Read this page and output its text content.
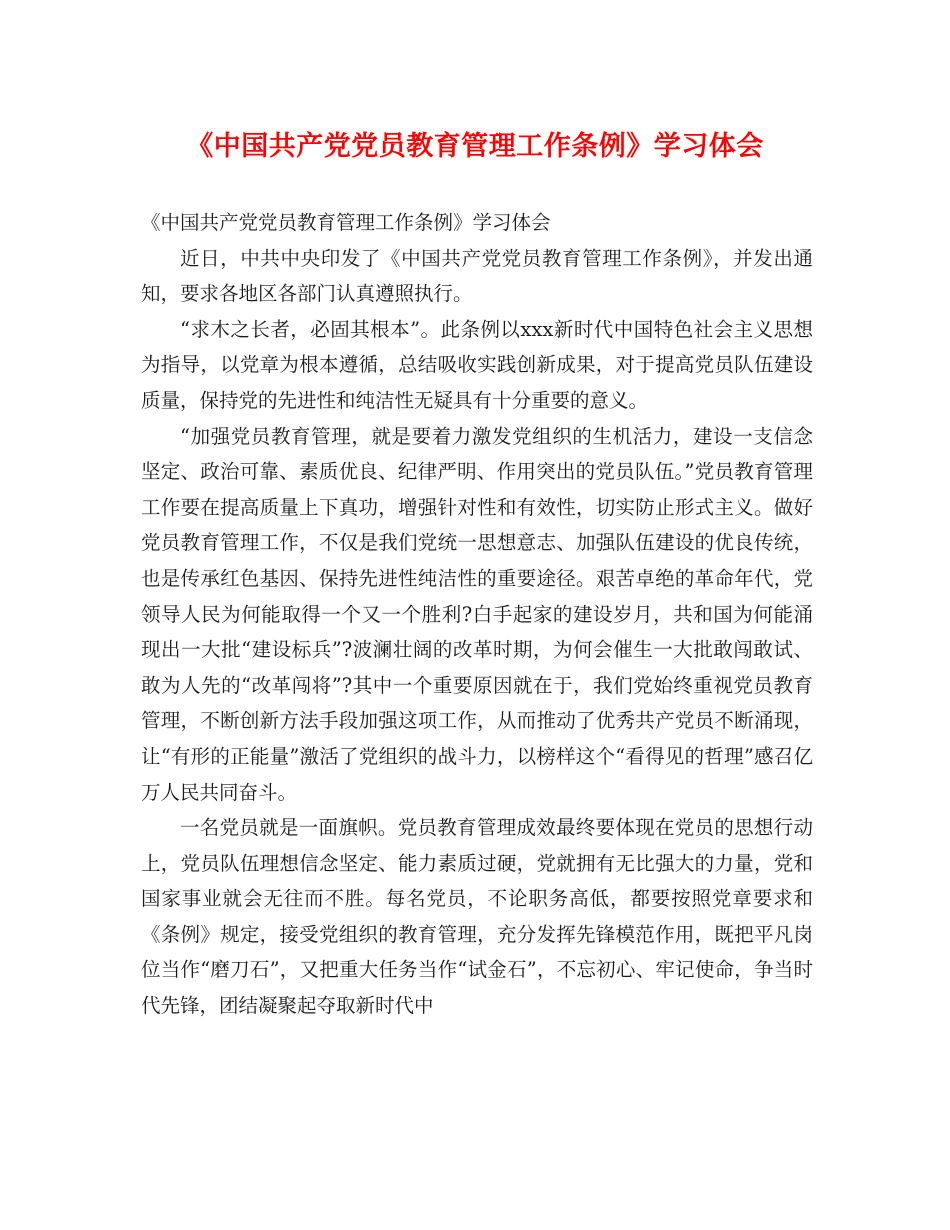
《中国共产党党员教育管理工作条例》学习体会

《中国共产党党员教育管理工作条例》学习体会

近日，中共中央印发了《中国共产党党员教育管理工作条例》，并发出通知，要求各地区各部门认真遵照执行。

“求木之长者，必固其根本”。此条例以xxx新时代中国特色社会主义思想为指导，以党章为根本遵循，总结吸收实践创新成果，对于提高党员队伍建设质量，保持党的先进性和纯洁性无疑具有十分重要的意义。

“加强党员教育管理，就是要着力激发党组织的生机活力，建设一支信念坚定、政治可靠、素质优良、纪律严明、作用突出的党员队伍。”党员教育管理工作要在提高质量上下真功，增强针对性和有效性，切实防止形式主义。做好党员教育管理工作，不仅是我们党统一思想意志、加强队伍建设的优良传统，也是传承红色基因、保持先进性纯洁性的重要途径。艰苦卓绝的革命年代，党领导人民为何能取得一个又一个胜利?白手起家的建设岁月，共和国为何能涌现出一大批“建设标兵”?波澜壮阔的改革时期，为何会催生一大批敢闯敢试、敢为人先的“改革闯将”?其中一个重要原因就在于，我们党始终重视党员教育管理，不断创新方法手段加强这项工作，从而推动了优秀共产党员不断涌现，让“有形的正能量”激活了党组织的战斗力，以榜样这个“看得见的哲理”感召亿万人民共同奋斗。

一名党员就是一面旗帜。党员教育管理成效最终要体现在党员的思想行动上，党员队伍理想信念坚定、能力素质过硬，党就拥有无比强大的力量，党和国家事业就会无往而不胜。每名党员，不论职务高低，都要按照党章要求和《条例》规定，接受党组织的教育管理，充分发挥先锋模范作用，既把平凡岗位当作“磨刀石”，又把重大任务当作“试金石”，不忘初心、牢记使命，争当时代先锋，团结凝聚起夺取新时代中
